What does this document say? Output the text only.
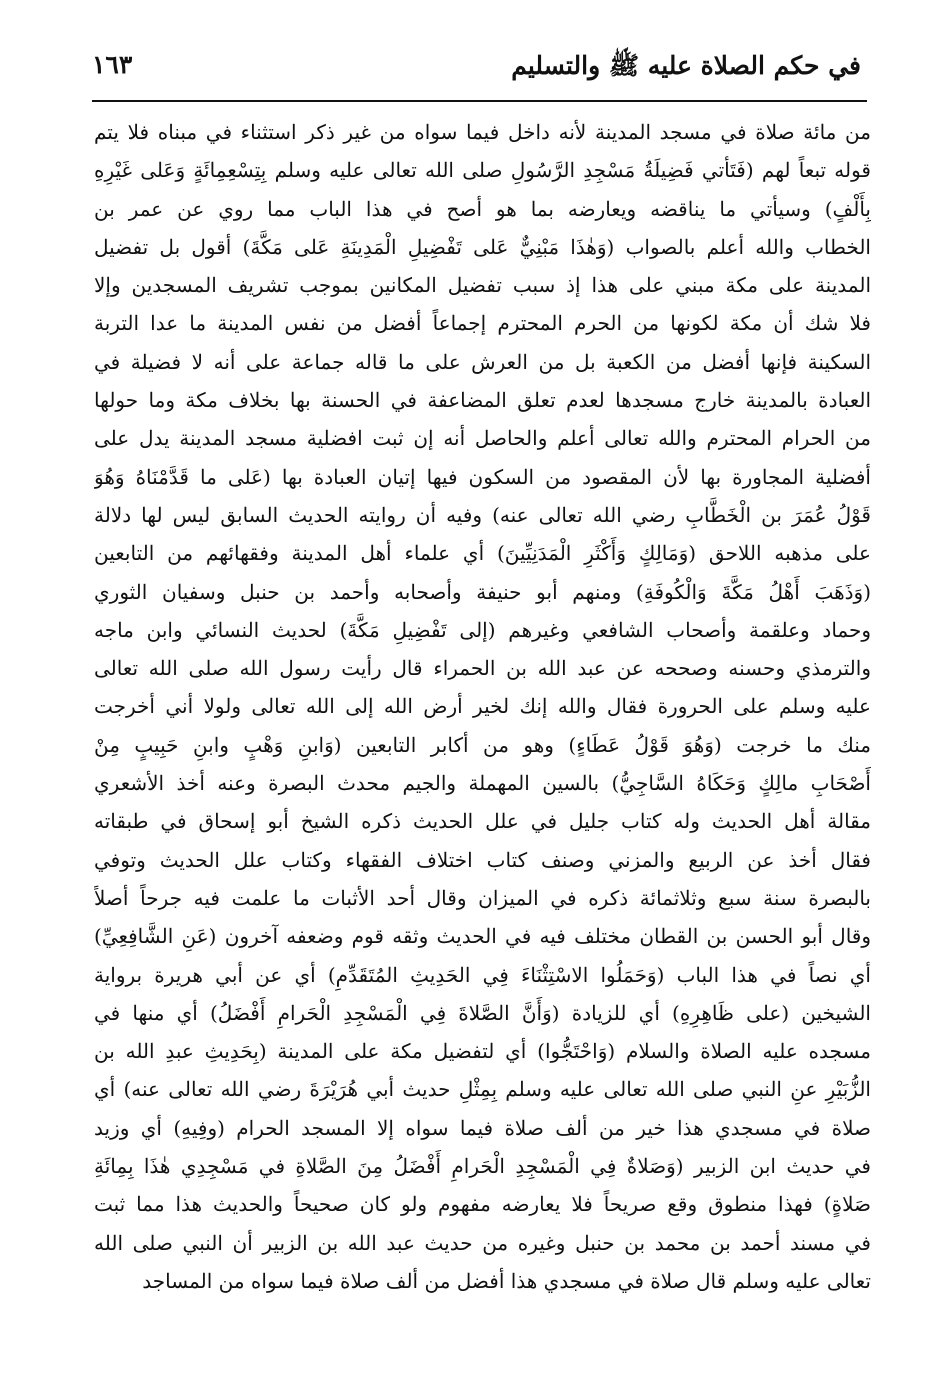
في حكم الصلاة عليه ﷺ والتسليم
١٦٣
من مائة صلاة في مسجد المدينة لأنه داخل فيما سواه من غير ذكر استثناء في مبناه فلا يتم
قوله تبعاً لهم (فَتَأتي فَضِيلَةُ مَسْجِدِ الرَّسُولِ صلى الله تعالى عليه وسلم بِتِسْعِمِائَةٍ وَعَلى غَيْرِهِ
بِأَلْفٍ) وسيأتي ما يناقضه ويعارضه بما هو أصح في هذا الباب مما روي عن عمر بن
الخطاب والله أعلم بالصواب (وَهٰذَا مَبْنِيٌّ عَلى تَفْضِيلِ الْمَدِينَةِ عَلى مَكَّةَ) أقول بل تفضيل
المدينة على مكة مبني على هذا إذ سبب تفضيل المكانين بموجب تشريف المسجدين وإلا
فلا شك أن مكة لكونها من الحرم المحترم إجماعاً أفضل من نفس المدينة ما عدا التربة
السكينة فإنها أفضل من الكعبة بل من العرش على ما قاله جماعة على أنه لا فضيلة في
العبادة بالمدينة خارج مسجدها لعدم تعلق المضاعفة في الحسنة بها بخلاف مكة وما حولها
من الحرام المحترم والله تعالى أعلم والحاصل أنه إن ثبت افضلية مسجد المدينة يدل على
أفضلية المجاورة بها لأن المقصود من السكون فيها إتيان العبادة بها (عَلى ما قَدَّمْنَاهُ وَهُوَ
قَوْلُ عُمَرَ بن الْخَطَّابِ رضي الله تعالى عنه) وفيه أن روايته الحديث السابق ليس لها دلالة
على مذهبه اللاحق (وَمَالِكٍ وَأَكْثَرِ الْمَدَنِيِّينَ) أي علماء أهل المدينة وفقهائهم من التابعين
(وَذَهَبَ أَهْلُ مَكَّةَ وَالْكُوفَةِ) ومنهم أبو حنيفة وأصحابه وأحمد بن حنبل وسفيان الثوري
وحماد وعلقمة وأصحاب الشافعي وغيرهم (إلى تَفْضِيلِ مَكَّةَ) لحديث النسائي وابن ماجه
والترمذي وحسنه وصححه عن عبد الله بن الحمراء قال رأيت رسول الله صلى الله تعالى
عليه وسلم على الحرورة فقال والله إنك لخير أرض الله إلى الله تعالى ولولا أني أخرجت
منك ما خرجت (وَهُوَ قَوْلُ عَطَاءٍ) وهو من أكابر التابعين (وَابنِ وَهْبٍ وابنِ حَبِيبٍ مِنْ
أَصْحَابِ مالِكٍ وَحَكَاهُ السَّاجِيُّ) بالسين المهملة والجيم محدث البصرة وعنه أخذ الأشعري
مقالة أهل الحديث وله كتاب جليل في علل الحديث ذكره الشيخ أبو إسحاق في طبقاته
فقال أخذ عن الربيع والمزني وصنف كتاب اختلاف الفقهاء وكتاب علل الحديث وتوفي
بالبصرة سنة سبع وثلاثمائة ذكره في الميزان وقال أحد الأثبات ما علمت فيه جرحاً أصلاً
وقال أبو الحسن بن القطان مختلف فيه في الحديث وثقه قوم وضعفه آخرون (عَنِ الشَّافِعِيِّ)
أي نصاً في هذا الباب (وَحَمَلُوا الاسْتِثْنَاءَ فِي الحَدِيثِ المُتَقَدِّمِ) أي عن أبي هريرة برواية
الشيخين (على ظَاهِرِهِ) أي للزيادة (وَأَنَّ الصَّلاةَ فِي الْمَسْجِدِ الْحَرامِ أَفْضَلُ) أي منها في
مسجده عليه الصلاة والسلام (وَاحْتَجُّوا) أي لتفضيل مكة على المدينة (بِحَدِيثِ عبدِ الله بن
الزُّبَيْرِ عنِ النبي صلى الله تعالى عليه وسلم بِمِثْلِ حديث أبي هُرَيْرَةَ رضي الله تعالى عنه) أي
صلاة في مسجدي هذا خير من ألف صلاة فيما سواه إلا المسجد الحرام (وفِيهِ) أي وزيد
في حديث ابن الزبير (وَصَلاةٌ فِي الْمَسْجِدِ الْحَرامِ أَفْضَلُ مِنَ الصَّلاةِ في مَسْجِدِي هٰذَا بِمِائَةِ
صَلاةٍ) فهذا منطوق وقع صريحاً فلا يعارضه مفهوم ولو كان صحيحاً والحديث هذا مما ثبت
في مسند أحمد بن محمد بن حنبل وغيره من حديث عبد الله بن الزبير أن النبي صلى الله
تعالى عليه وسلم قال صلاة في مسجدي هذا أفضل من ألف صلاة فيما سواه من المساجد
